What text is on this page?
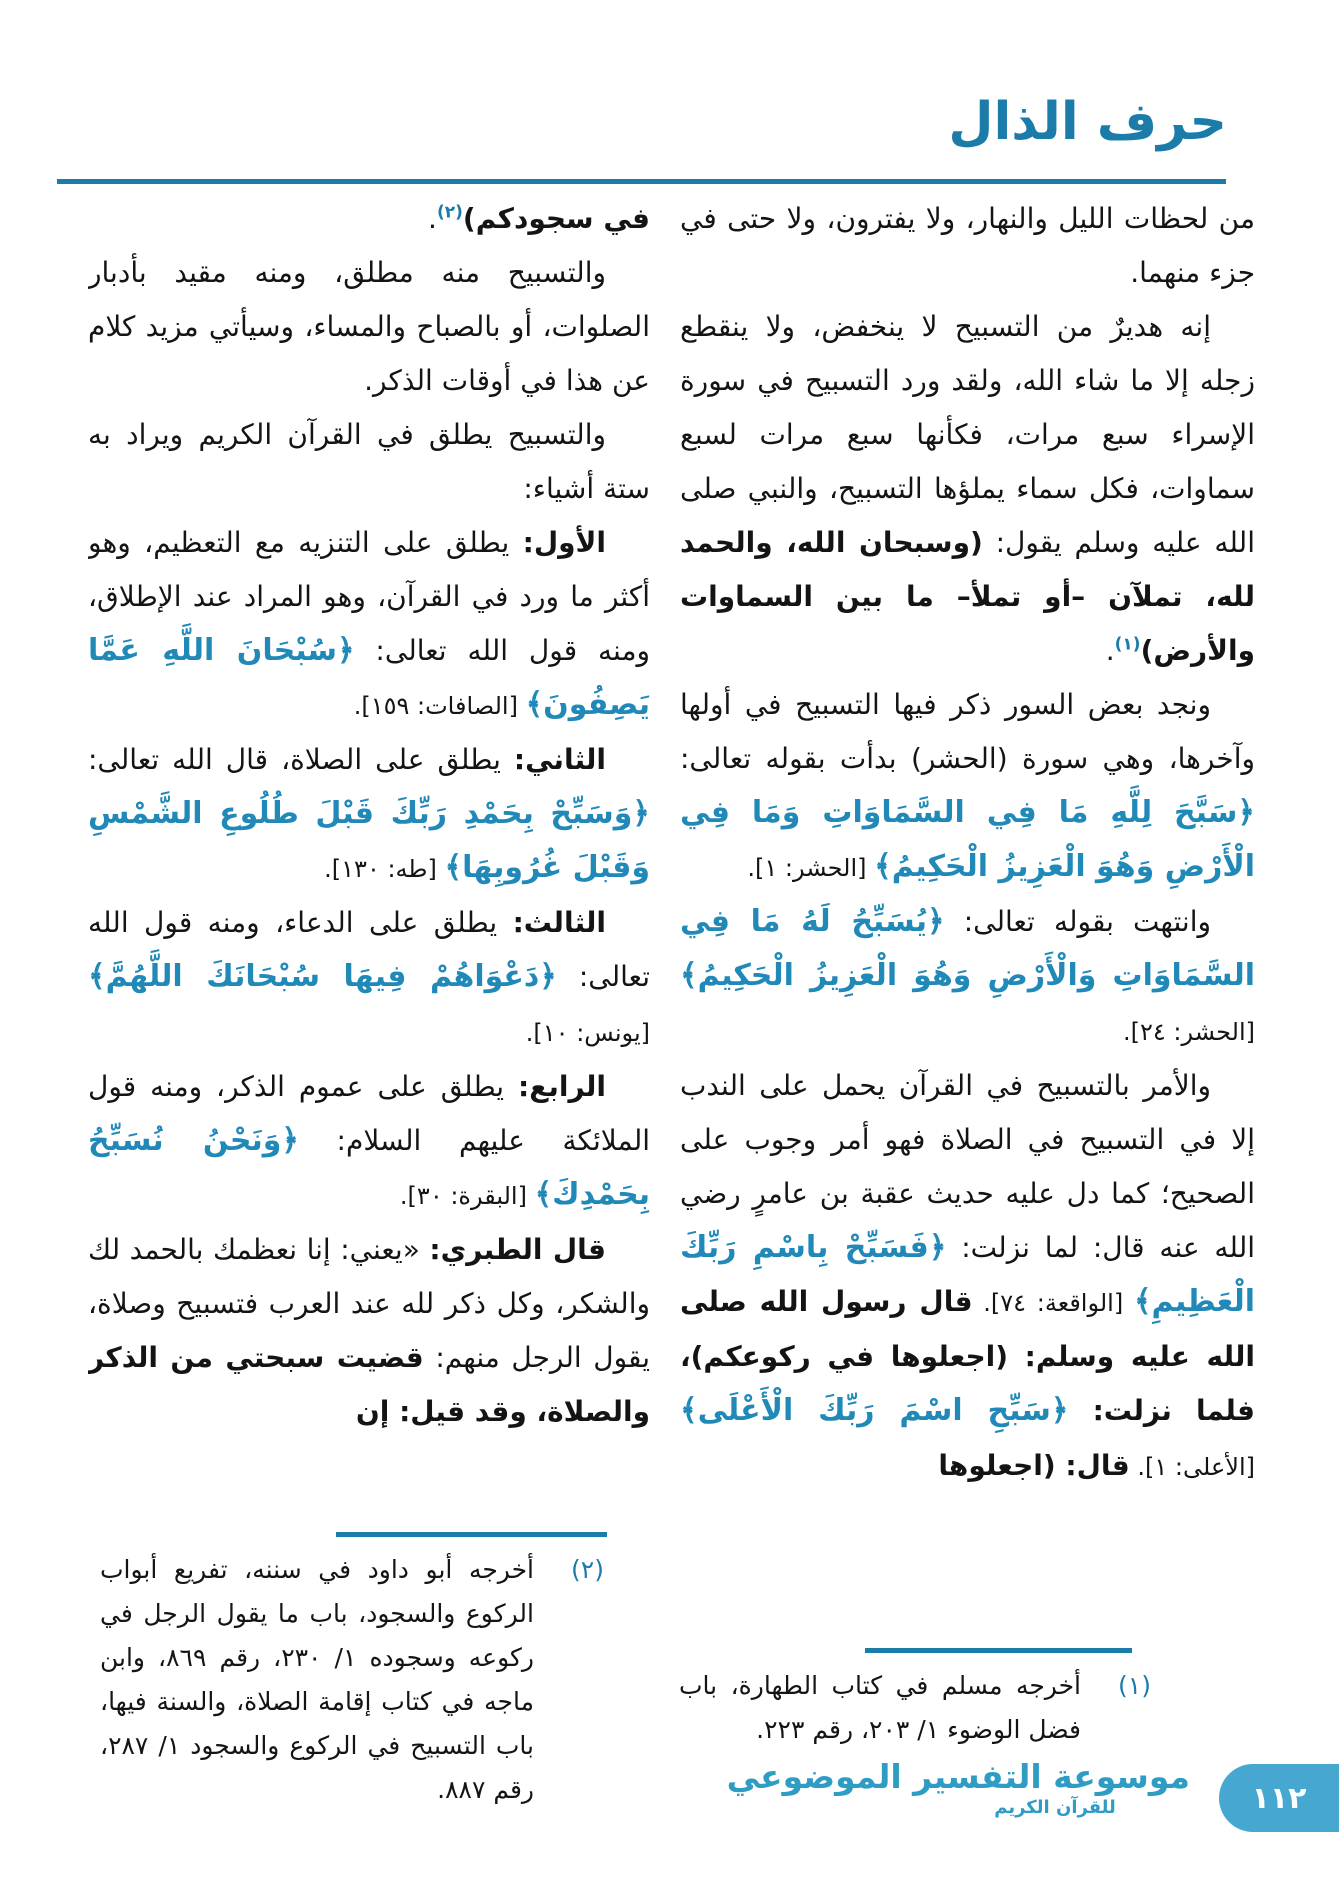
حرف الذال

من لحظات الليل والنهار، ولا يفترون، ولا حتى في جزء منهما.

إنه هديرٌ من التسبيح لا ينخفض، ولا ينقطع زجله إلا ما شاء الله، ولقد ورد التسبيح في سورة الإسراء سبع مرات، فكأنها سبع مرات لسبع سماوات، فكل سماء يملؤها التسبيح، والنبي صلى الله عليه وسلم يقول: (وسبحان الله، والحمد لله، تملآن –أو تملأ– ما بين السماوات والأرض)$^{(١)}$.

ونجد بعض السور ذكر فيها التسبيح في أولها وآخرها، وهي سورة (الحشر) بدأت بقوله تعالى: ﴿سَبَّحَ لِلَّهِ مَا فِي السَّمَاوَاتِ وَمَا فِي الْأَرْضِ وَهُوَ الْعَزِيزُ الْحَكِيمُ﴾ [الحشر: ١].

وانتهت بقوله تعالى: ﴿يُسَبِّحُ لَهُ مَا فِي السَّمَاوَاتِ وَالْأَرْضِ وَهُوَ الْعَزِيزُ الْحَكِيمُ﴾ [الحشر: ٢٤].

والأمر بالتسبيح في القرآن يحمل على الندب إلا في التسبيح في الصلاة فهو أمر وجوب على الصحيح؛ كما دل عليه حديث عقبة بن عامرٍ رضي الله عنه قال: لما نزلت: ﴿فَسَبِّحْ بِاسْمِ رَبِّكَ الْعَظِيمِ﴾ [الواقعة: ٧٤]. قال رسول الله صلى الله عليه وسلم: (اجعلوها في ركوعكم)، فلما نزلت: ﴿سَبِّحِ اسْمَ رَبِّكَ الْأَعْلَى﴾ [الأعلى: ١]. قال: (اجعلوها

في سجودكم)$^{(٢)}$.

والتسبيح منه مطلق، ومنه مقيد بأدبار الصلوات، أو بالصباح والمساء، وسيأتي مزيد كلام عن هذا في أوقات الذكر.

والتسبيح يطلق في القرآن الكريم ويراد به ستة أشياء:

الأول: يطلق على التنزيه مع التعظيم، وهو أكثر ما ورد في القرآن، وهو المراد عند الإطلاق، ومنه قول الله تعالى: ﴿سُبْحَانَ اللَّهِ عَمَّا يَصِفُونَ﴾ [الصافات: ١٥٩].

الثاني: يطلق على الصلاة، قال الله تعالى: ﴿وَسَبِّحْ بِحَمْدِ رَبِّكَ قَبْلَ طُلُوعِ الشَّمْسِ وَقَبْلَ غُرُوبِهَا﴾ [طه: ١٣٠].

الثالث: يطلق على الدعاء، ومنه قول الله تعالى: ﴿دَعْوَاهُمْ فِيهَا سُبْحَانَكَ اللَّهُمَّ﴾ [يونس: ١٠].

الرابع: يطلق على عموم الذكر، ومنه قول الملائكة عليهم السلام: ﴿وَنَحْنُ نُسَبِّحُ بِحَمْدِكَ﴾ [البقرة: ٣٠].

قال الطبري: «يعني: إنا نعظمك بالحمد لك والشكر، وكل ذكر لله عند العرب فتسبيح وصلاة، يقول الرجل منهم: قضيت سبحتي من الذكر والصلاة، وقد قيل: إن

(٢)
أخرجه أبو داود في سننه، تفريع أبواب الركوع والسجود، باب ما يقول الرجل في ركوعه وسجوده ١/ ٢٣٠، رقم ٨٦٩، وابن ماجه في كتاب إقامة الصلاة، والسنة فيها، باب التسبيح في الركوع والسجود ١/ ٢٨٧، رقم ٨٨٧.
(١)
أخرجه مسلم في كتاب الطهارة، باب فضل الوضوء ١/ ٢٠٣، رقم ٢٢٣.
موسوعة التفسير الموضوعي
للقرآن الكريم	١١٢
